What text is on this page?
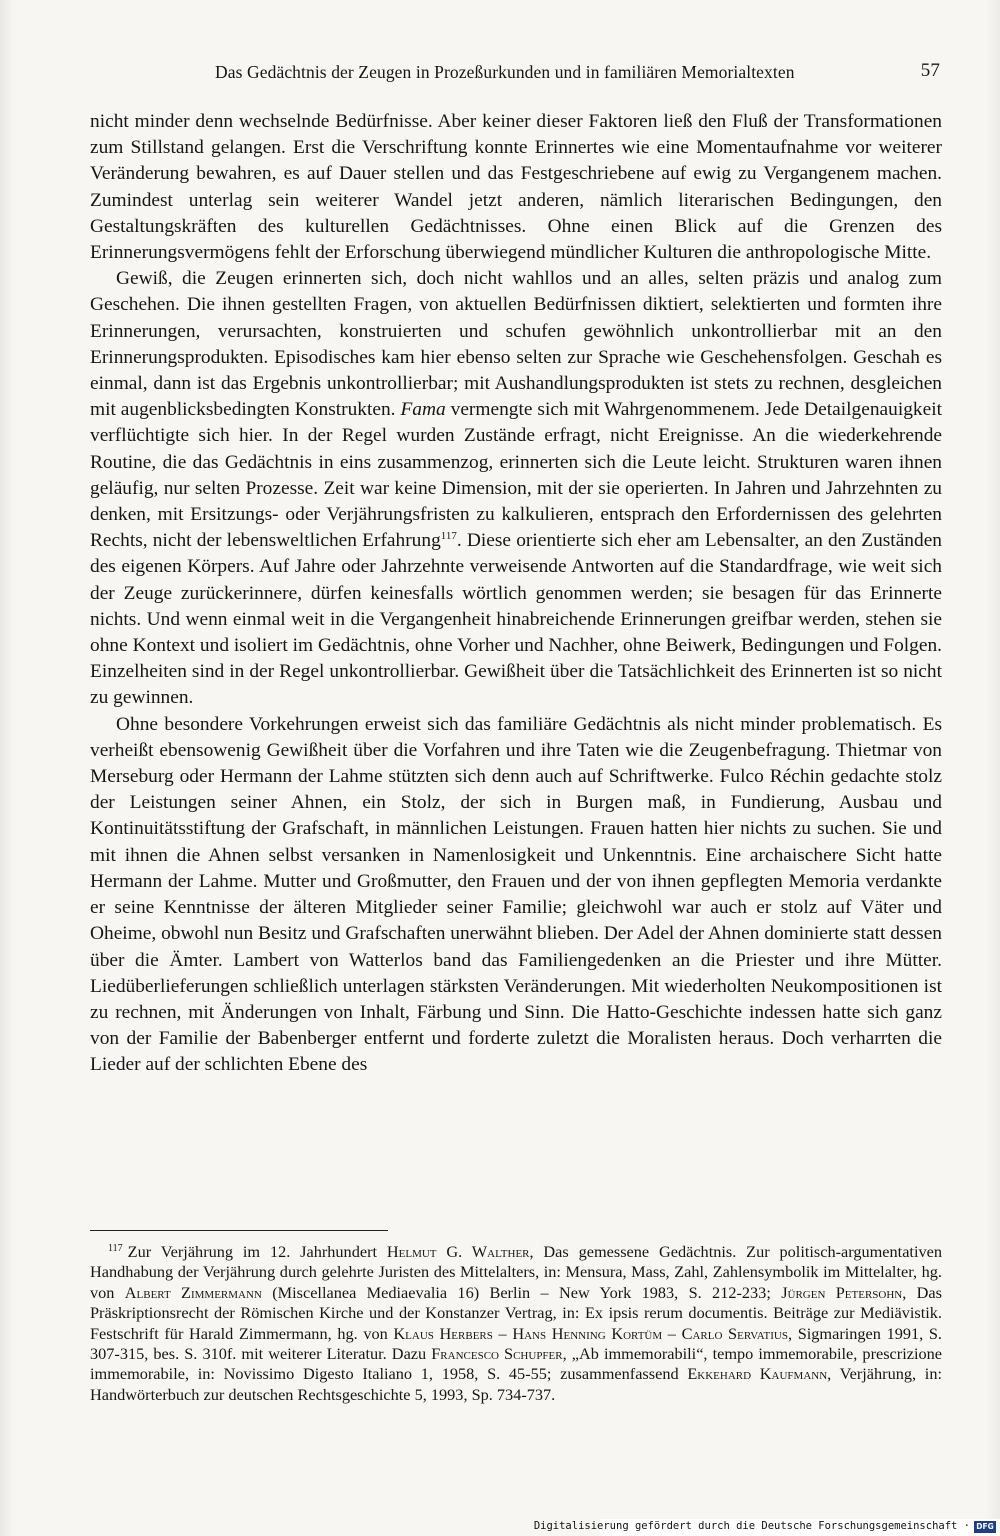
Das Gedächtnis der Zeugen in Prozeßurkunden und in familiären Memorialtexten	57

nicht minder denn wechselnde Bedürfnisse. Aber keiner dieser Faktoren ließ den Fluß der Transformationen zum Stillstand gelangen. Erst die Verschriftung konnte Erinnertes wie eine Momentaufnahme vor weiterer Veränderung bewahren, es auf Dauer stellen und das Festgeschriebene auf ewig zu Vergangenem machen. Zumindest unterlag sein weiterer Wandel jetzt anderen, nämlich literarischen Bedingungen, den Gestaltungskräften des kulturellen Gedächtnisses. Ohne einen Blick auf die Grenzen des Erinnerungsvermögens fehlt der Erforschung überwiegend mündlicher Kulturen die anthropologische Mitte.

Gewiß, die Zeugen erinnerten sich, doch nicht wahllos und an alles, selten präzis und analog zum Geschehen. Die ihnen gestellten Fragen, von aktuellen Bedürfnissen diktiert, selektierten und formten ihre Erinnerungen, verursachten, konstruierten und schufen gewöhnlich unkontrollierbar mit an den Erinnerungsprodukten. Episodisches kam hier ebenso selten zur Sprache wie Geschehensfolgen. Geschah es einmal, dann ist das Ergebnis unkontrollierbar; mit Aushandlungsprodukten ist stets zu rechnen, desgleichen mit augenblicksbedingten Konstrukten. Fama vermengte sich mit Wahrgenommenem. Jede Detailgenauigkeit verflüchtigte sich hier. In der Regel wurden Zustände erfragt, nicht Ereignisse. An die wiederkehrende Routine, die das Gedächtnis in eins zusammenzog, erinnerten sich die Leute leicht. Strukturen waren ihnen geläufig, nur selten Prozesse. Zeit war keine Dimension, mit der sie operierten. In Jahren und Jahrzehnten zu denken, mit Ersitzungs- oder Verjährungsfristen zu kalkulieren, entsprach den Erfordernissen des gelehrten Rechts, nicht der lebensweltlichen Erfahrung$^{117}$. Diese orientierte sich eher am Lebensalter, an den Zuständen des eigenen Körpers. Auf Jahre oder Jahrzehnte verweisende Antworten auf die Standardfrage, wie weit sich der Zeuge zurückerinnere, dürfen keinesfalls wörtlich genommen werden; sie besagen für das Erinnerte nichts. Und wenn einmal weit in die Vergangenheit hinabreichende Erinnerungen greifbar werden, stehen sie ohne Kontext und isoliert im Gedächtnis, ohne Vorher und Nachher, ohne Beiwerk, Bedingungen und Folgen. Einzelheiten sind in der Regel unkontrollierbar. Gewißheit über die Tatsächlichkeit des Erinnerten ist so nicht zu gewinnen.

Ohne besondere Vorkehrungen erweist sich das familiäre Gedächtnis als nicht minder problematisch. Es verheißt ebensowenig Gewißheit über die Vorfahren und ihre Taten wie die Zeugenbefragung. Thietmar von Merseburg oder Hermann der Lahme stützten sich denn auch auf Schriftwerke. Fulco Réchin gedachte stolz der Leistungen seiner Ahnen, ein Stolz, der sich in Burgen maß, in Fundierung, Ausbau und Kontinuitätsstiftung der Grafschaft, in männlichen Leistungen. Frauen hatten hier nichts zu suchen. Sie und mit ihnen die Ahnen selbst versanken in Namenlosigkeit und Unkenntnis. Eine archaischere Sicht hatte Hermann der Lahme. Mutter und Großmutter, den Frauen und der von ihnen gepflegten Memoria verdankte er seine Kenntnisse der älteren Mitglieder seiner Familie; gleichwohl war auch er stolz auf Väter und Oheime, obwohl nun Besitz und Grafschaften unerwähnt blieben. Der Adel der Ahnen dominierte statt dessen über die Ämter. Lambert von Watterlos band das Familiengedenken an die Priester und ihre Mütter. Liedüberlieferungen schließlich unterlagen stärksten Veränderungen. Mit wiederholten Neukompositionen ist zu rechnen, mit Änderungen von Inhalt, Färbung und Sinn. Die Hatto-Geschichte indessen hatte sich ganz von der Familie der Babenberger entfernt und forderte zuletzt die Moralisten heraus. Doch verharrten die Lieder auf der schlichten Ebene des

$^{117}$ Zur Verjährung im 12. Jahrhundert Helmut G. Walther, Das gemessene Gedächtnis. Zur politisch-argumentativen Handhabung der Verjährung durch gelehrte Juristen des Mittelalters, in: Mensura, Mass, Zahl, Zahlensymbolik im Mittelalter, hg. von Albert Zimmermann (Miscellanea Mediaevalia 16) Berlin – New York 1983, S. 212-233; Jürgen Petersohn, Das Präskriptionsrecht der Römischen Kirche und der Konstanzer Vertrag, in: Ex ipsis rerum documentis. Beiträge zur Mediävistik. Festschrift für Harald Zimmermann, hg. von Klaus Herbers – Hans Henning Kortüm – Carlo Servatius, Sigmaringen 1991, S. 307-315, bes. S. 310f. mit weiterer Literatur. Dazu Francesco Schupfer, „Ab immemorabili“, tempo immemorabile, prescrizione immemorabile, in: Novissimo Digesto Italiano 1, 1958, S. 45-55; zusammenfassend Ekkehard Kaufmann, Verjährung, in: Handwörterbuch zur deutschen Rechtsgeschichte 5, 1993, Sp. 734-737.
Digitalisierung gefördert durch die Deutsche Forschungsgemeinschaft · DFG
